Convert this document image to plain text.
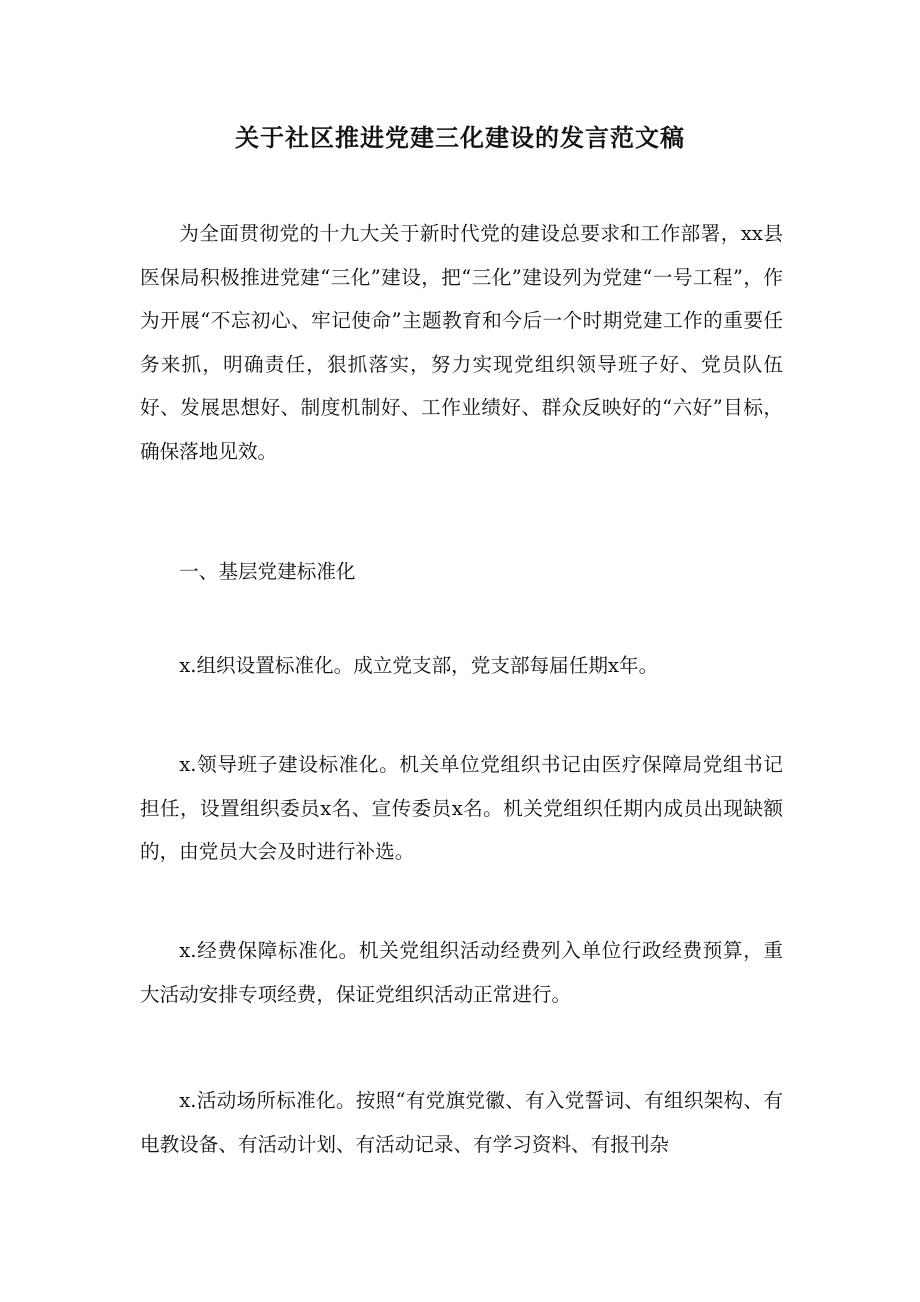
关于社区推进党建三化建设的发言范文稿

为全面贯彻党的十九大关于新时代党的建设总要求和工作部署，xx县医保局积极推进党建“三化”建设，把“三化”建设列为党建“一号工程”，作为开展“不忘初心、牢记使命”主题教育和今后一个时期党建工作的重要任务来抓，明确责任，狠抓落实，努力实现党组织领导班子好、党员队伍好、发展思想好、制度机制好、工作业绩好、群众反映好的“六好”目标，确保落地见效。

一、基层党建标准化

x.组织设置标准化。成立党支部，党支部每届任期x年。

x.领导班子建设标准化。机关单位党组织书记由医疗保障局党组书记担任，设置组织委员x名、宣传委员x名。机关党组织任期内成员出现缺额的，由党员大会及时进行补选。

x.经费保障标准化。机关党组织活动经费列入单位行政经费预算，重大活动安排专项经费，保证党组织活动正常进行。

x.活动场所标准化。按照“有党旗党徽、有入党誓词、有组织架构、有电教设备、有活动计划、有活动记录、有学习资料、有报刊杂
